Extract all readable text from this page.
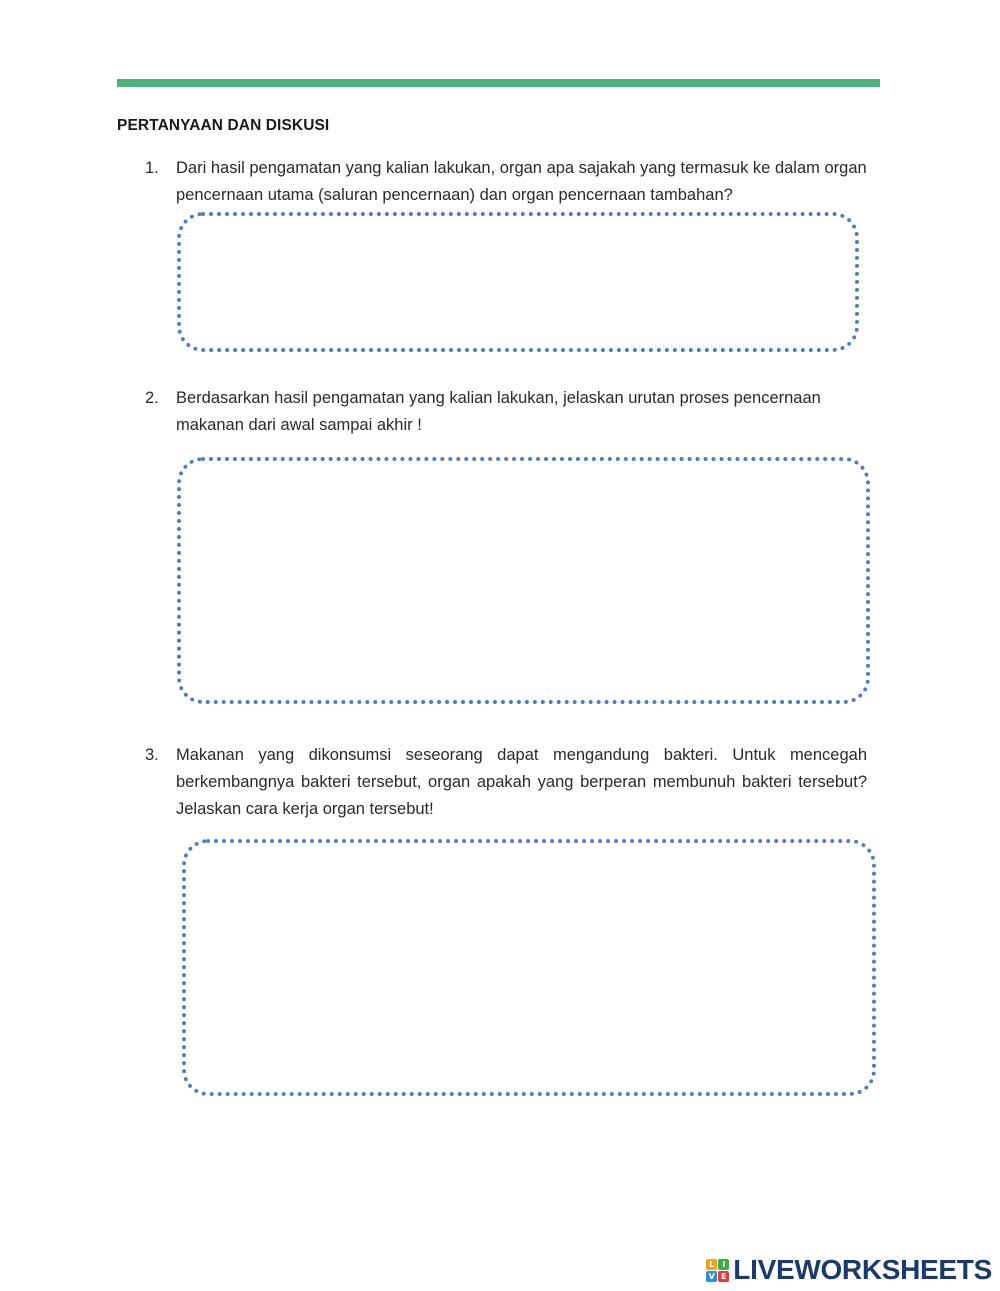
PERTANYAAN DAN DISKUSI
1. Dari hasil pengamatan yang kalian lakukan, organ apa sajakah yang termasuk ke dalam organ pencernaan utama (saluran pencernaan) dan organ pencernaan tambahan?
2. Berdasarkan hasil pengamatan yang kalian lakukan, jelaskan urutan proses pencernaan makanan dari awal sampai akhir !
3. Makanan yang dikonsumsi seseorang dapat mengandung bakteri. Untuk mencegah berkembangnya bakteri tersebut, organ apakah yang berperan membunuh bakteri tersebut? Jelaskan cara kerja organ tersebut!
L I
V E LIVEWORKSHEETS
